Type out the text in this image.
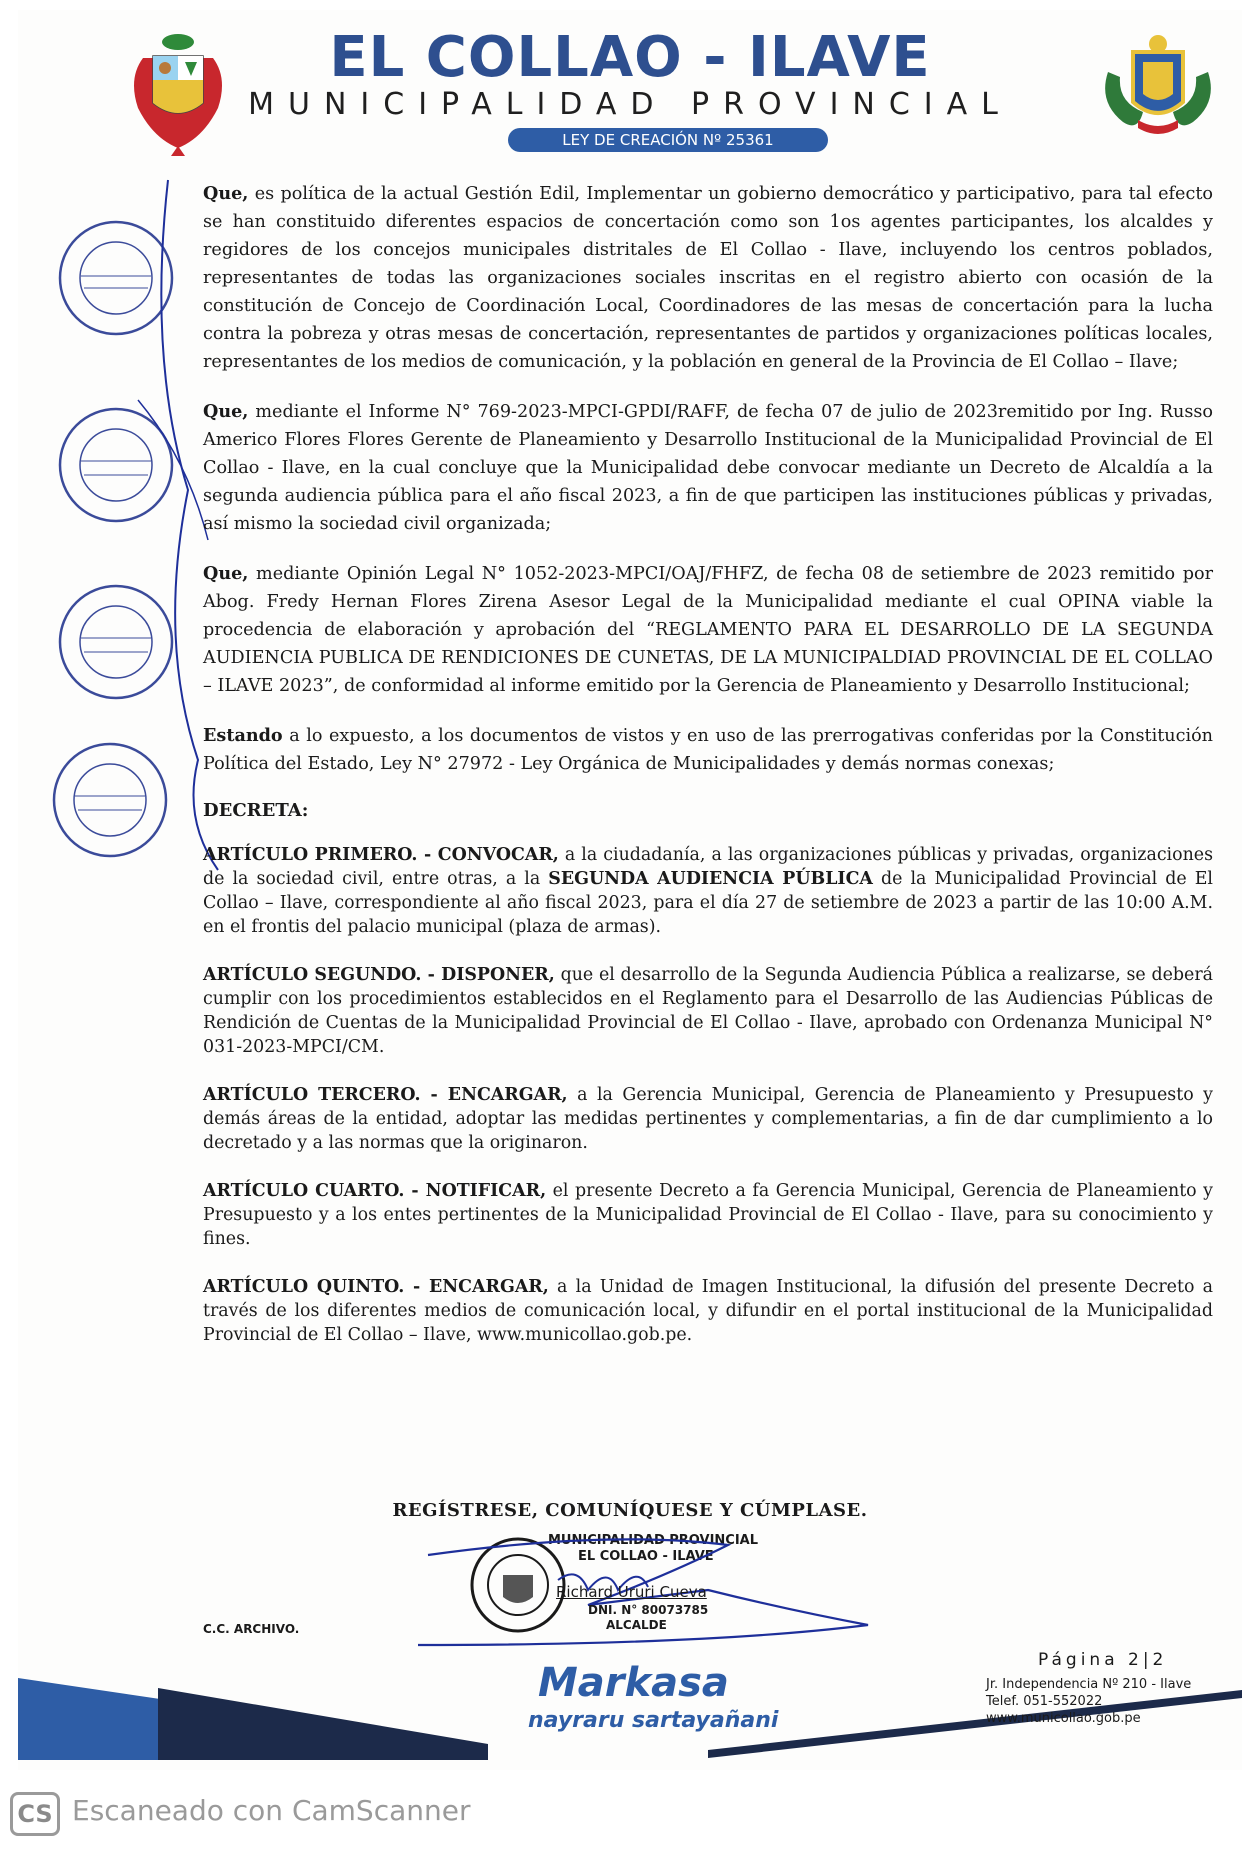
EL COLLAO - ILAVE
MUNICIPALIDAD PROVINCIAL
LEY DE CREACIÓN Nº 25361

Que, es política de la actual Gestión Edil, Implementar un gobierno democrático y participativo, para tal efecto se han constituido diferentes espacios de concertación como son 1os agentes participantes, los alcaldes y regidores de los concejos municipales distritales de El Collao - Ilave, incluyendo los centros poblados, representantes de todas las organizaciones sociales inscritas en el registro abierto con ocasión de la constitución de Concejo de Coordinación Local, Coordinadores de las mesas de concertación para la lucha contra la pobreza y otras mesas de concertación, representantes de partidos y organizaciones políticas locales, representantes de los medios de comunicación, y la población en general de la Provincia de El Collao – Ilave;

Que, mediante el Informe N° 769-2023-MPCI-GPDI/RAFF, de fecha 07 de julio de 2023remitido por Ing. Russo Americo Flores Flores Gerente de Planeamiento y Desarrollo Institucional de la Municipalidad Provincial de El Collao - Ilave, en la cual concluye que la Municipalidad debe convocar mediante un Decreto de Alcaldía a la segunda audiencia pública para el año fiscal 2023, a fin de que participen las instituciones públicas y privadas, así mismo la sociedad civil organizada;

Que, mediante Opinión Legal N° 1052-2023-MPCI/OAJ/FHFZ, de fecha 08 de setiembre de 2023 remitido por Abog. Fredy Hernan Flores Zirena Asesor Legal de la Municipalidad mediante el cual OPINA viable la procedencia de elaboración y aprobación del “REGLAMENTO PARA EL DESARROLLO DE LA SEGUNDA AUDIENCIA PUBLICA DE RENDICIONES DE CUNETAS, DE LA MUNICIPALDIAD PROVINCIAL DE EL COLLAO – ILAVE 2023”, de conformidad al informe emitido por la Gerencia de Planeamiento y Desarrollo Institucional;

Estando a lo expuesto, a los documentos de vistos y en uso de las prerrogativas conferidas por la Constitución Política del Estado, Ley N° 27972 - Ley Orgánica de Municipalidades y demás normas conexas;

DECRETA:

ARTÍCULO PRIMERO. - CONVOCAR, a la ciudadanía, a las organizaciones públicas y privadas, organizaciones de la sociedad civil, entre otras, a la SEGUNDA AUDIENCIA PÚBLICA de la Municipalidad Provincial de El Collao – Ilave, correspondiente al año fiscal 2023, para el día 27 de setiembre de 2023 a partir de las 10:00 A.M. en el frontis del palacio municipal (plaza de armas).

ARTÍCULO SEGUNDO. - DISPONER, que el desarrollo de la Segunda Audiencia Pública a realizarse, se deberá cumplir con los procedimientos establecidos en el Reglamento para el Desarrollo de las Audiencias Públicas de Rendición de Cuentas de la Municipalidad Provincial de El Collao - Ilave, aprobado con Ordenanza Municipal N° 031-2023-MPCI/CM.

ARTÍCULO TERCERO. - ENCARGAR, a la Gerencia Municipal, Gerencia de Planeamiento y Presupuesto y demás áreas de la entidad, adoptar las medidas pertinentes y complementarias, a fin de dar cumplimiento a lo decretado y a las normas que la originaron.

ARTÍCULO CUARTO. - NOTIFICAR, el presente Decreto a fa Gerencia Municipal, Gerencia de Planeamiento y Presupuesto y a los entes pertinentes de la Municipalidad Provincial de El Collao - Ilave, para su conocimiento y fines.

ARTÍCULO QUINTO. - ENCARGAR, a la Unidad de Imagen Institucional, la difusión del presente Decreto a través de los diferentes medios de comunicación local, y difundir en el portal institucional de la Municipalidad Provincial de El Collao – Ilave, www.municollao.gob.pe.

REGÍSTRESE, COMUNÍQUESE Y CÚMPLASE.
MUNICIPALIDAD PROVINCIAL
EL COLLAO - ILAVE
Richard Ururi Cueva
DNI. N° 80073785
ALCALDE
C.C. ARCHIVO.
Markasa
nayraru sartayañani
Página 2|2
Jr. Independencia Nº 210 - Ilave
Telef. 051-552022
www.municollao.gob.pe
CS Escaneado con CamScanner
